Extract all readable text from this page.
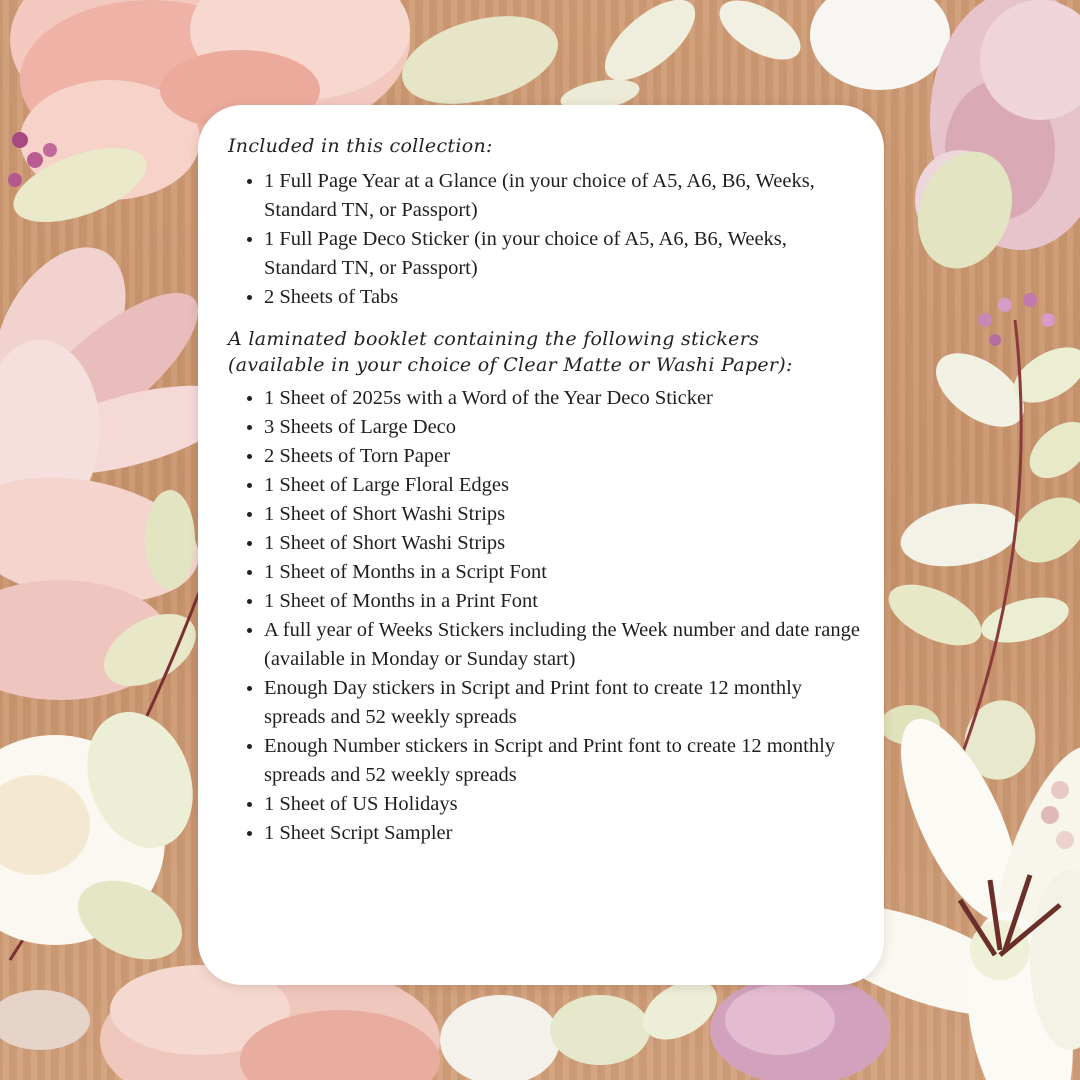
Included in this collection:

1 Full Page Year at a Glance (in your choice of A5, A6, B6, Weeks, Standard TN, or Passport)
1 Full Page Deco Sticker (in your choice of A5, A6, B6, Weeks, Standard TN, or Passport)
2 Sheets of Tabs

A laminated booklet containing the following stickers (available in your choice of Clear Matte or Washi Paper):

1 Sheet of 2025s with a Word of the Year Deco Sticker
3 Sheets of Large Deco
2 Sheets of Torn Paper
1 Sheet of Large Floral Edges
1 Sheet of Short Washi Strips
1 Sheet of Short Washi Strips
1 Sheet of Months in a Script Font
1 Sheet of Months in a Print Font
A full year of Weeks Stickers including the Week number and date range (available in Monday or Sunday start)
Enough Day stickers in Script and Print font to create 12 monthly spreads and 52 weekly spreads
Enough Number stickers in Script and Print font to create 12 monthly spreads and 52 weekly spreads
1 Sheet of US Holidays
1 Sheet Script Sampler
